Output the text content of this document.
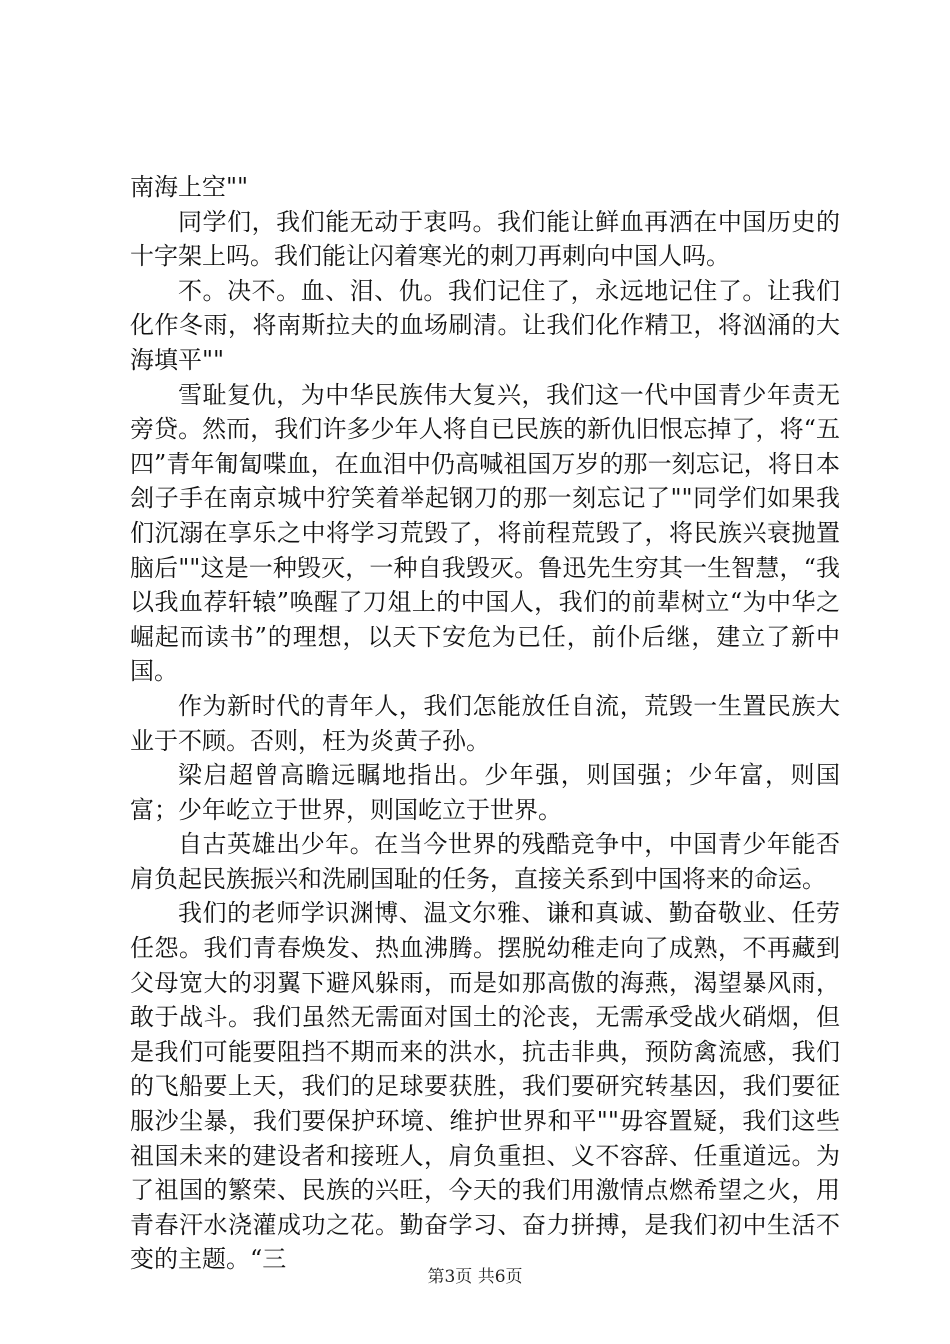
南海上空""

同学们，我们能无动于衷吗。我们能让鲜血再洒在中国历史的十字架上吗。我们能让闪着寒光的刺刀再刺向中国人吗。

不。决不。血、泪、仇。我们记住了，永远地记住了。让我们化作冬雨，将南斯拉夫的血场刷清。让我们化作精卫，将汹涌的大海填平""

雪耻复仇，为中华民族伟大复兴，我们这一代中国青少年责无旁贷。然而，我们许多少年人将自已民族的新仇旧恨忘掉了，将“五四”青年匍匐喋血，在血泪中仍高喊祖国万岁的那一刻忘记，将日本刽子手在南京城中狞笑着举起钢刀的那一刻忘记了""同学们如果我们沉溺在享乐之中将学习荒毁了，将前程荒毁了，将民族兴衰抛置脑后""这是一种毁灭，一种自我毁灭。鲁迅先生穷其一生智慧，“我以我血荐轩辕”唤醒了刀俎上的中国人，我们的前辈树立“为中华之崛起而读书”的理想，以天下安危为已任，前仆后继，建立了新中国。

作为新时代的青年人，我们怎能放任自流，荒毁一生置民族大业于不顾。否则，枉为炎黄子孙。

梁启超曾高瞻远瞩地指出。少年强，则国强；少年富，则国富；少年屹立于世界，则国屹立于世界。

自古英雄出少年。在当今世界的残酷竞争中，中国青少年能否肩负起民族振兴和洗刷国耻的任务，直接关系到中国将来的命运。

我们的老师学识渊博、温文尔雅、谦和真诚、勤奋敬业、任劳任怨。我们青春焕发、热血沸腾。摆脱幼稚走向了成熟，不再藏到父母宽大的羽翼下避风躲雨，而是如那高傲的海燕，渴望暴风雨，敢于战斗。我们虽然无需面对国土的沦丧，无需承受战火硝烟，但是我们可能要阻挡不期而来的洪水，抗击非典，预防禽流感，我们的飞船要上天，我们的足球要获胜，我们要研究转基因，我们要征服沙尘暴，我们要保护环境、维护世界和平""毋容置疑，我们这些祖国未来的建设者和接班人，肩负重担、义不容辞、任重道远。为了祖国的繁荣、民族的兴旺，今天的我们用激情点燃希望之火，用青春汗水浇灌成功之花。勤奋学习、奋力拼搏，是我们初中生活不变的主题。“三

第3页 共6页
